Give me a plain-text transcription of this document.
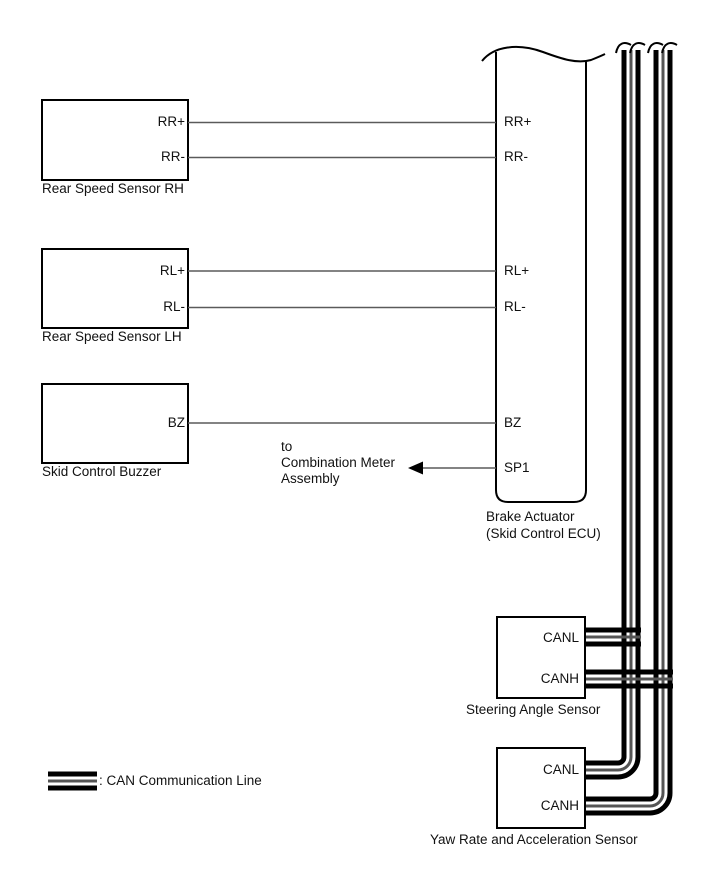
RR+
RR-
Rear Speed Sensor RH
RL+
RL-
Rear Speed Sensor LH
BZ
Skid Control Buzzer
RR+
RR-
RL+
RL-
BZ
SP1
Brake Actuator
(Skid Control ECU)
to
Combination Meter
Assembly
CANL
CANH
Steering Angle Sensor
CANL
CANH
Yaw Rate and Acceleration Sensor
: CAN Communication Line
